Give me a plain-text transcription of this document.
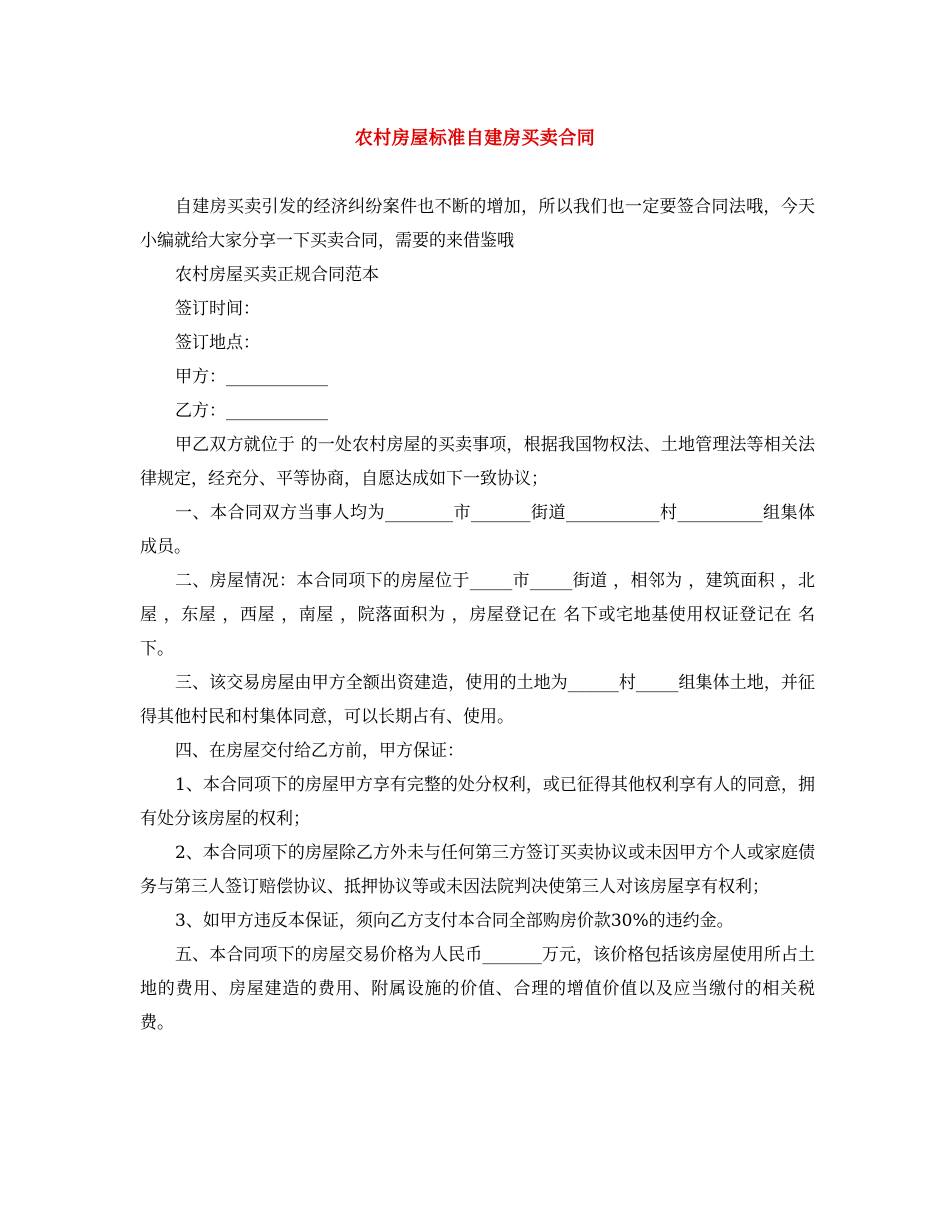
农村房屋标准自建房买卖合同

自建房买卖引发的经济纠纷案件也不断的增加，所以我们也一定要签合同法哦，今天小编就给大家分享一下买卖合同，需要的来借鉴哦

农村房屋买卖正规合同范本

签订时间：

签订地点：

甲方：____________

乙方：____________

甲乙双方就位于 的一处农村房屋的买卖事项，根据我国物权法、土地管理法等相关法律规定，经充分、平等协商，自愿达成如下一致协议；

一、本合同双方当事人均为________市_______街道___________村__________组集体成员。

二、房屋情况：本合同项下的房屋位于_____市_____街道 ，相邻为 ，建筑面积 ，北屋 ，东屋 ，西屋 ，南屋 ，院落面积为 ，房屋登记在 名下或宅地基使用权证登记在 名下。

三、该交易房屋由甲方全额出资建造，使用的土地为______村_____组集体土地，并征得其他村民和村集体同意，可以长期占有、使用。

四、在房屋交付给乙方前，甲方保证：

1、本合同项下的房屋甲方享有完整的处分权利，或已征得其他权利享有人的同意，拥有处分该房屋的权利；

2、本合同项下的房屋除乙方外未与任何第三方签订买卖协议或未因甲方个人或家庭债务与第三人签订赔偿协议、抵押协议等或未因法院判决使第三人对该房屋享有权利；

3、如甲方违反本保证，须向乙方支付本合同全部购房价款30%的违约金。

五、本合同项下的房屋交易价格为人民币_______万元，该价格包括该房屋使用所占土地的费用、房屋建造的费用、附属设施的价值、合理的增值价值以及应当缴付的相关税费。
